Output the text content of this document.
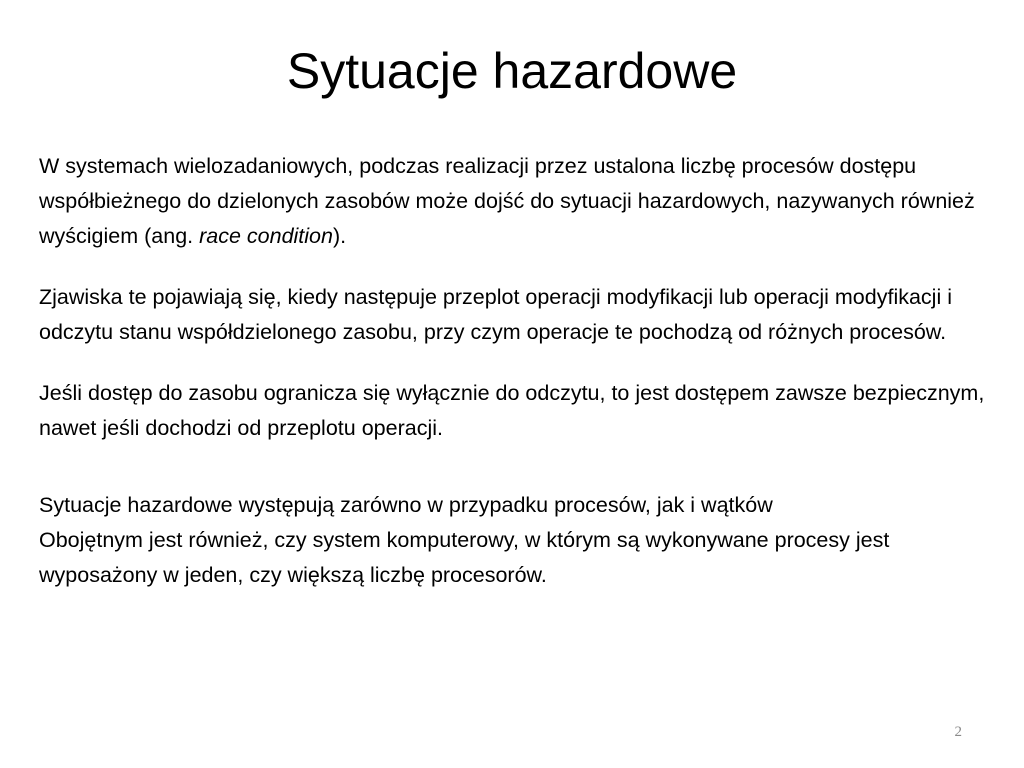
Sytuacje hazardowe

W systemach wielozadaniowych, podczas realizacji przez ustalona liczbę procesów dostępu współbieżnego do dzielonych zasobów może dojść do sytuacji hazardowych, nazywanych również wyścigiem (ang. race condition).

Zjawiska te pojawiają się, kiedy następuje przeplot operacji modyfikacji lub operacji modyfikacji i odczytu stanu współdzielonego zasobu, przy czym operacje te pochodzą od różnych procesów.

Jeśli dostęp do zasobu ogranicza się wyłącznie do odczytu, to jest dostępem zawsze bezpiecznym, nawet jeśli dochodzi od przeplotu operacji.

Sytuacje hazardowe występują zarówno w przypadku procesów, jak i wątków
Obojętnym jest również, czy system komputerowy, w którym są wykonywane procesy jest wyposażony w jeden, czy większą liczbę procesorów.

2
